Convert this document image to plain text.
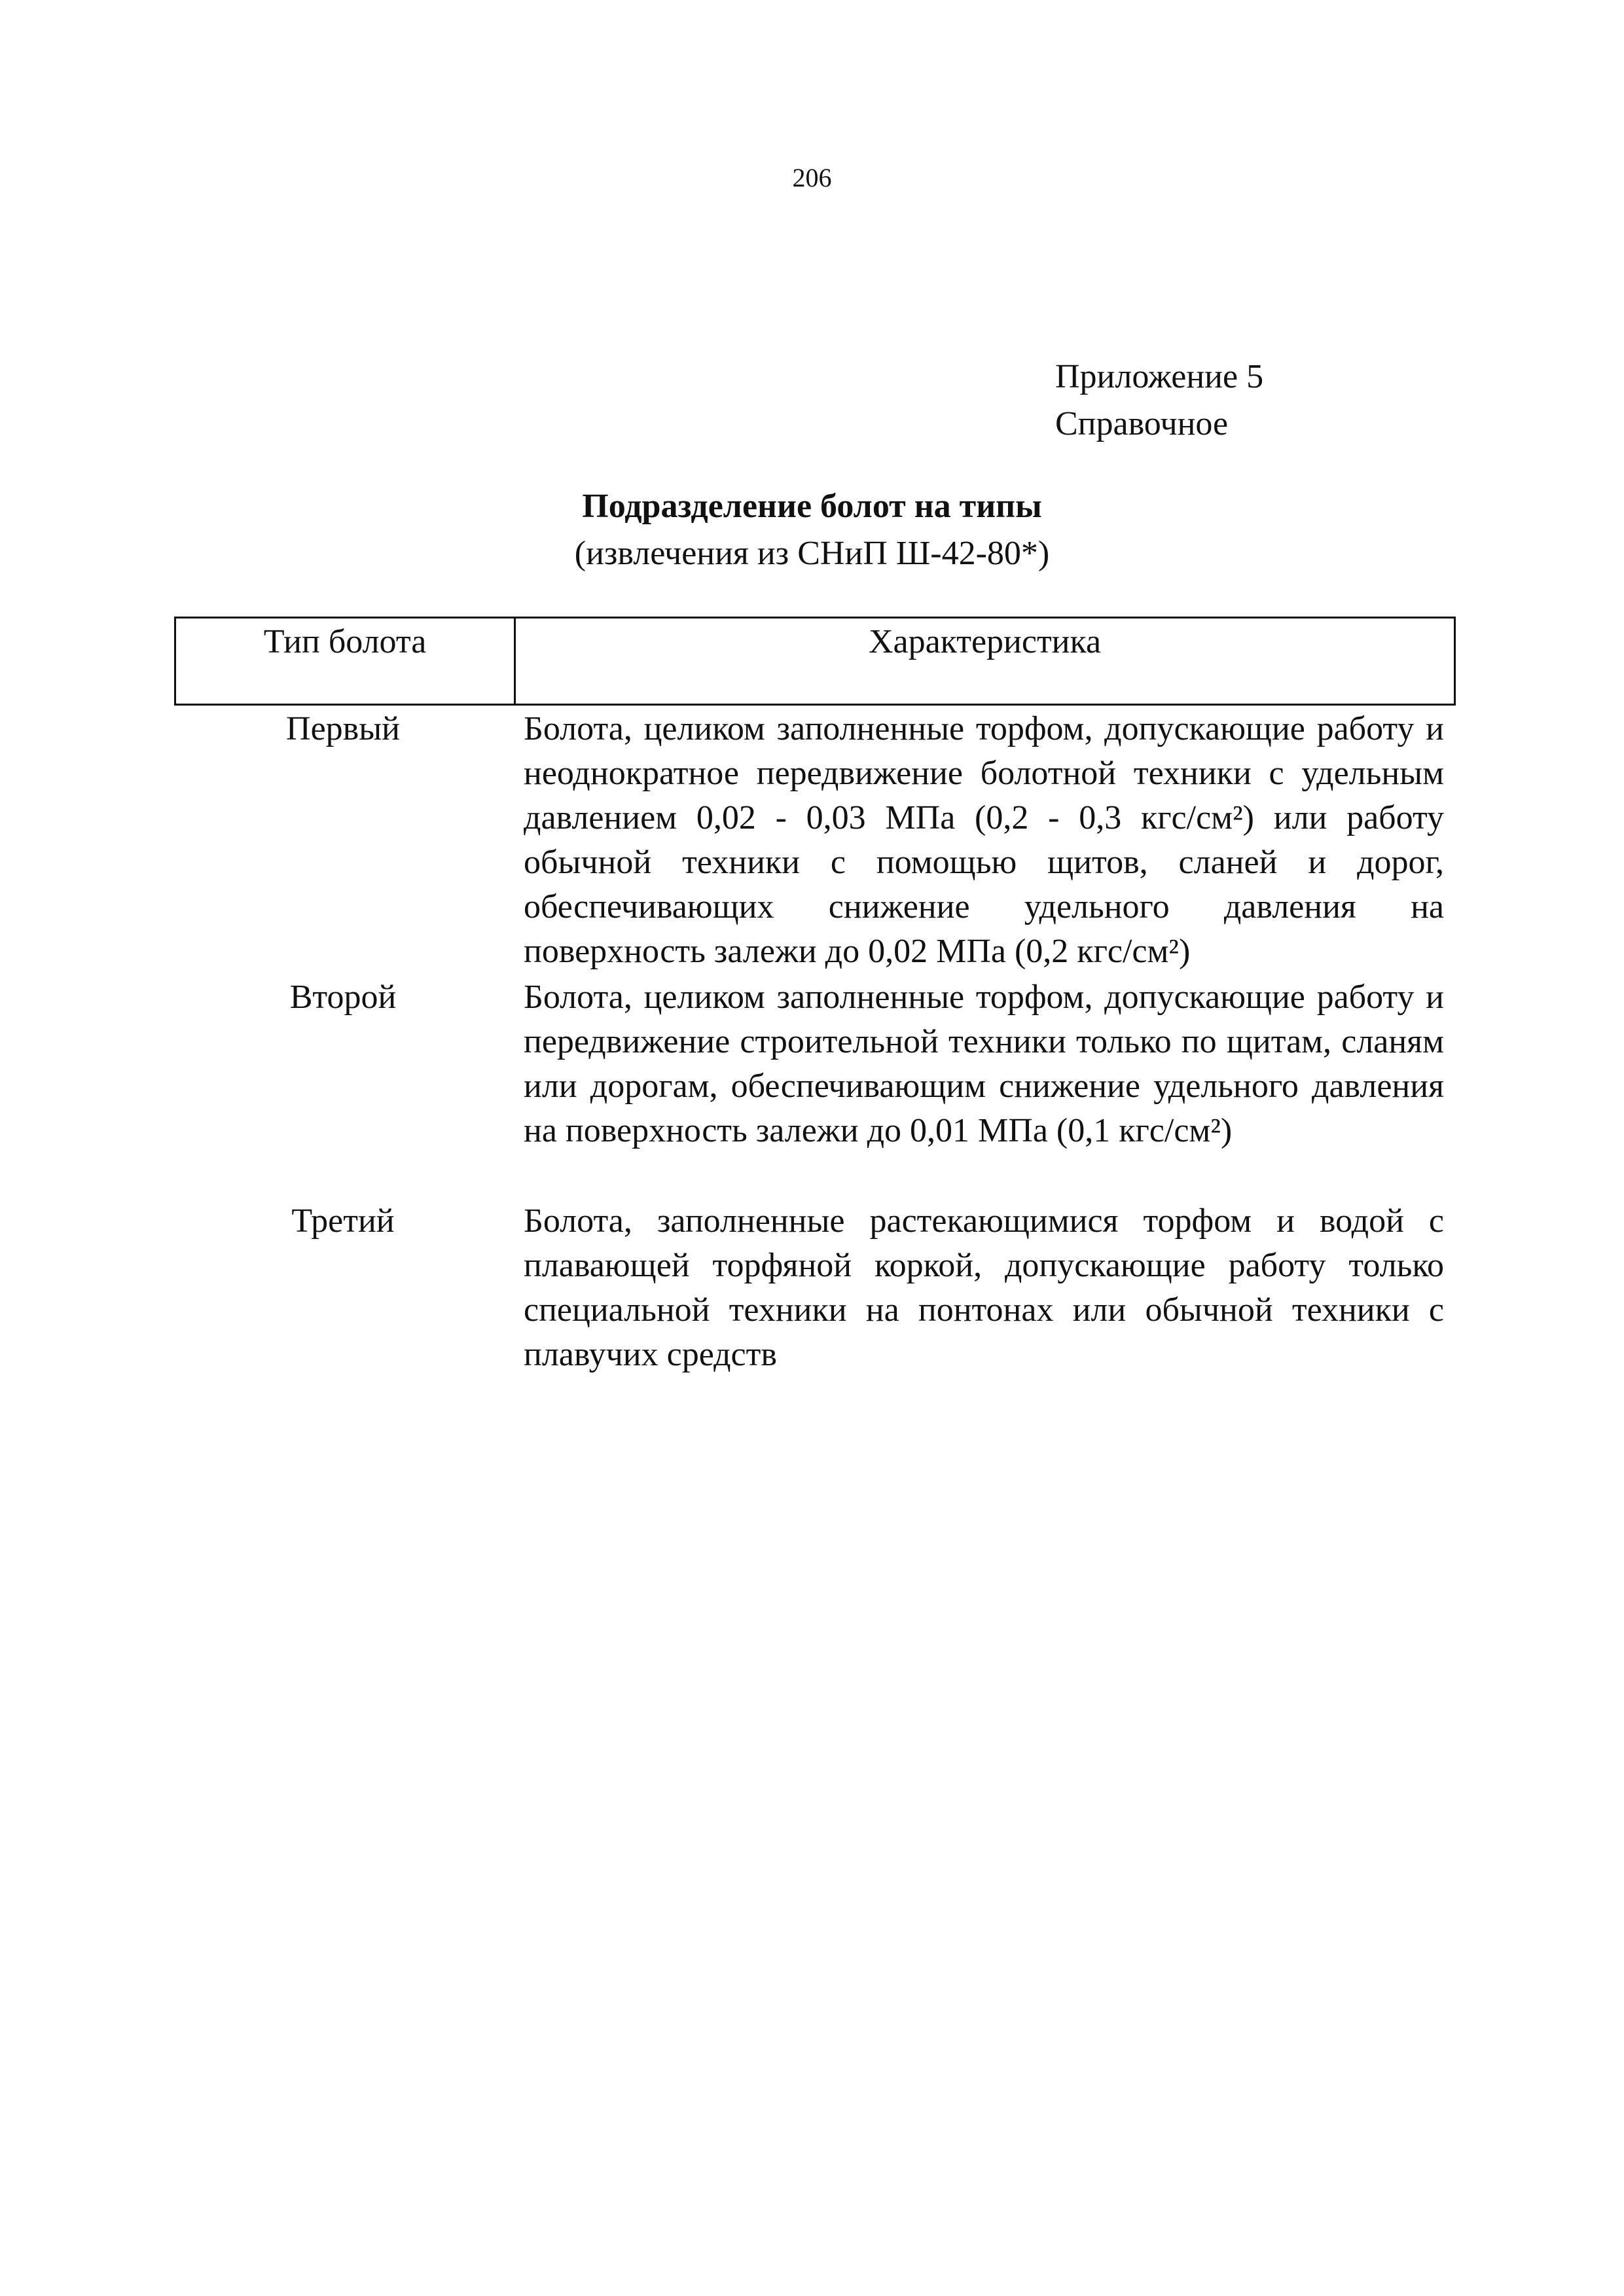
206
Приложение 5
Справочное
Подразделение болот на типы
(извлечения из СНиП Ш-42-80*)
Тип болота	Характеристика
Первый	Болота, целиком заполненные торфом, допускающие работу и неоднократное передвижение болотной техники с удельным давлением 0,02 - 0,03 МПа (0,2 - 0,3 кгс/см²) или работу обычной техники с помощью щитов, сланей и дорог, обеспечивающих снижение удельного давления на поверхность залежи до 0,02 МПа (0,2 кгс/см²)
Второй	Болота, целиком заполненные торфом, допускающие работу и передвижение строительной техники только по щитам, сланям или дорогам, обеспечивающим снижение удельного давления на поверхность залежи до 0,01 МПа (0,1 кгс/см²)
Третий	Болота, заполненные растекающимися торфом и водой с плавающей торфяной коркой, допускающие работу только специальной техники на понтонах или обычной техники с плавучих средств
